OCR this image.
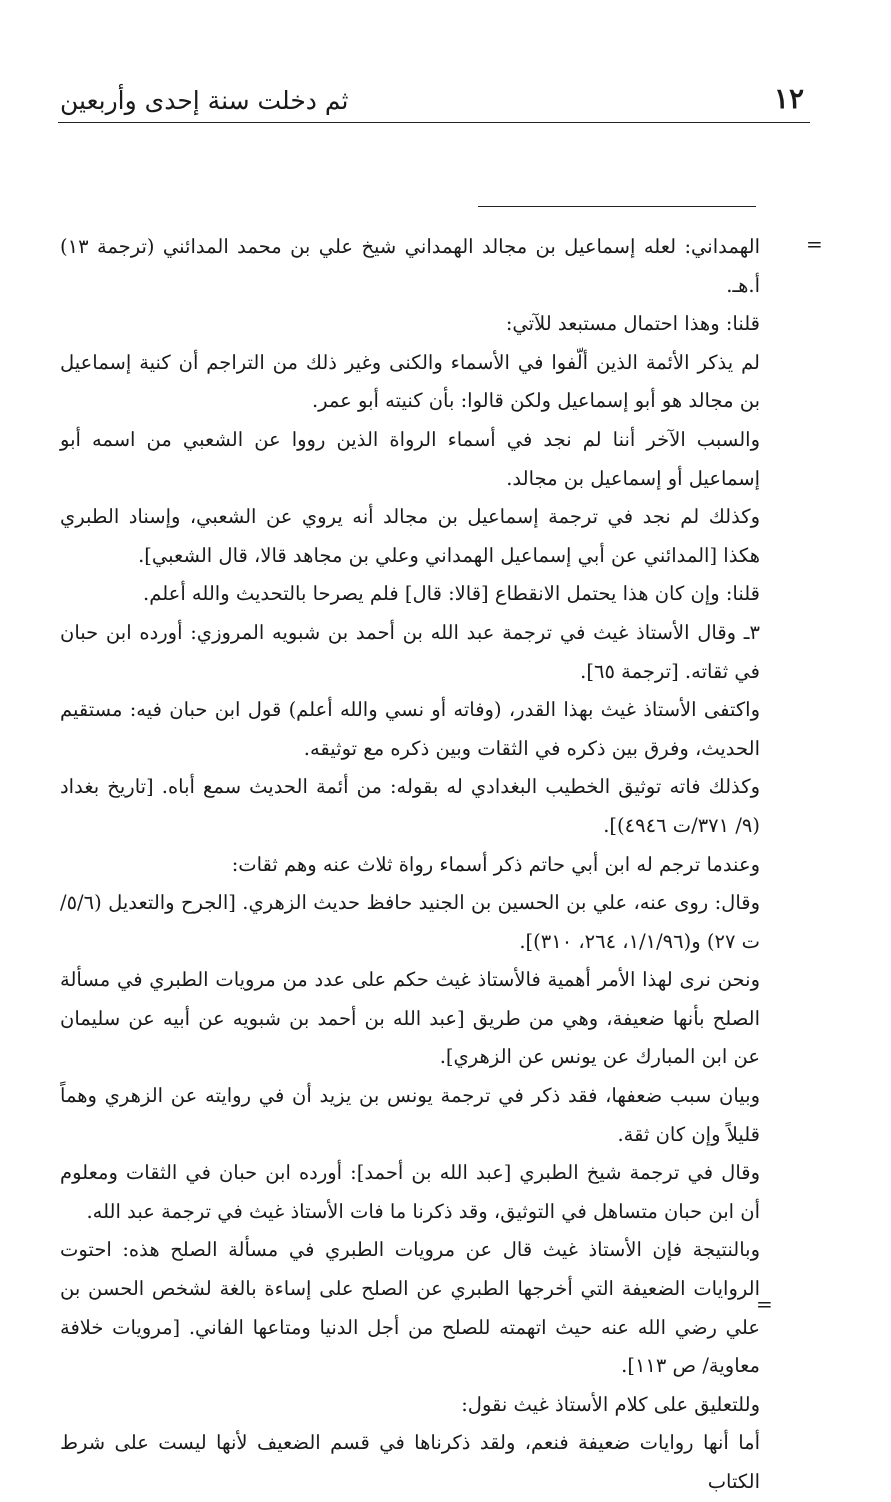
١٢
ثم دخلت سنة إحدى وأربعين
=
=

الهمداني: لعله إسماعيل بن مجالد الهمداني شيخ علي بن محمد المدائني (ترجمة ١٣) أ.هـ.

قلنا: وهذا احتمال مستبعد للآتي:

لم يذكر الأئمة الذين ألّفوا في الأسماء والكنى وغير ذلك من التراجم أن كنية إسماعيل بن مجالد هو أبو إسماعيل ولكن قالوا: بأن كنيته أبو عمر.

والسبب الآخر أننا لم نجد في أسماء الرواة الذين رووا عن الشعبي من اسمه أبو إسماعيل أو إسماعيل بن مجالد.

وكذلك لم نجد في ترجمة إسماعيل بن مجالد أنه يروي عن الشعبي، وإسناد الطبري هكذا [المدائني عن أبي إسماعيل الهمداني وعلي بن مجاهد قالا، قال الشعبي].

قلنا: وإن كان هذا يحتمل الانقطاع [قالا: قال] فلم يصرحا بالتحديث والله أعلم.

٣ـ وقال الأستاذ غيث في ترجمة عبد الله بن أحمد بن شبويه المروزي: أورده ابن حبان في ثقاته. [ترجمة ٦٥].

واكتفى الأستاذ غيث بهذا القدر، (وفاته أو نسي والله أعلم) قول ابن حبان فيه: مستقيم الحديث، وفرق بين ذكره في الثقات وبين ذكره مع توثيقه.

وكذلك فاته توثيق الخطيب البغدادي له بقوله: من أئمة الحديث سمع أباه. [تاريخ بغداد (٩/ ٣٧١/ت ٤٩٤٦)].

وعندما ترجم له ابن أبي حاتم ذكر أسماء رواة ثلاث عنه وهم ثقات:

وقال: روى عنه، علي بن الحسين بن الجنيد حافظ حديث الزهري. [الجرح والتعديل (٥/٦/ت ٢٧) و(١/١/٩٦، ٢٦٤، ٣١٠)].

ونحن نرى لهذا الأمر أهمية فالأستاذ غيث حكم على عدد من مرويات الطبري في مسألة الصلح بأنها ضعيفة، وهي من طريق [عبد الله بن أحمد بن شبويه عن أبيه عن سليمان عن ابن المبارك عن يونس عن الزهري].

وبيان سبب ضعفها، فقد ذكر في ترجمة يونس بن يزيد أن في روايته عن الزهري وهماً قليلاً وإن كان ثقة.

وقال في ترجمة شيخ الطبري [عبد الله بن أحمد]: أورده ابن حبان في الثقات ومعلوم أن ابن حبان متساهل في التوثيق، وقد ذكرنا ما فات الأستاذ غيث في ترجمة عبد الله.

وبالنتيجة فإن الأستاذ غيث قال عن مرويات الطبري في مسألة الصلح هذه: احتوت الروايات الضعيفة التي أخرجها الطبري عن الصلح على إساءة بالغة لشخص الحسن بن علي رضي الله عنه حيث اتهمته للصلح من أجل الدنيا ومتاعها الفاني. [مرويات خلافة معاوية/ ص ١١٣].

وللتعليق على كلام الأستاذ غيث نقول:

أما أنها روايات ضعيفة فنعم، ولقد ذكرناها في قسم الضعيف لأنها ليست على شرط الكتاب
